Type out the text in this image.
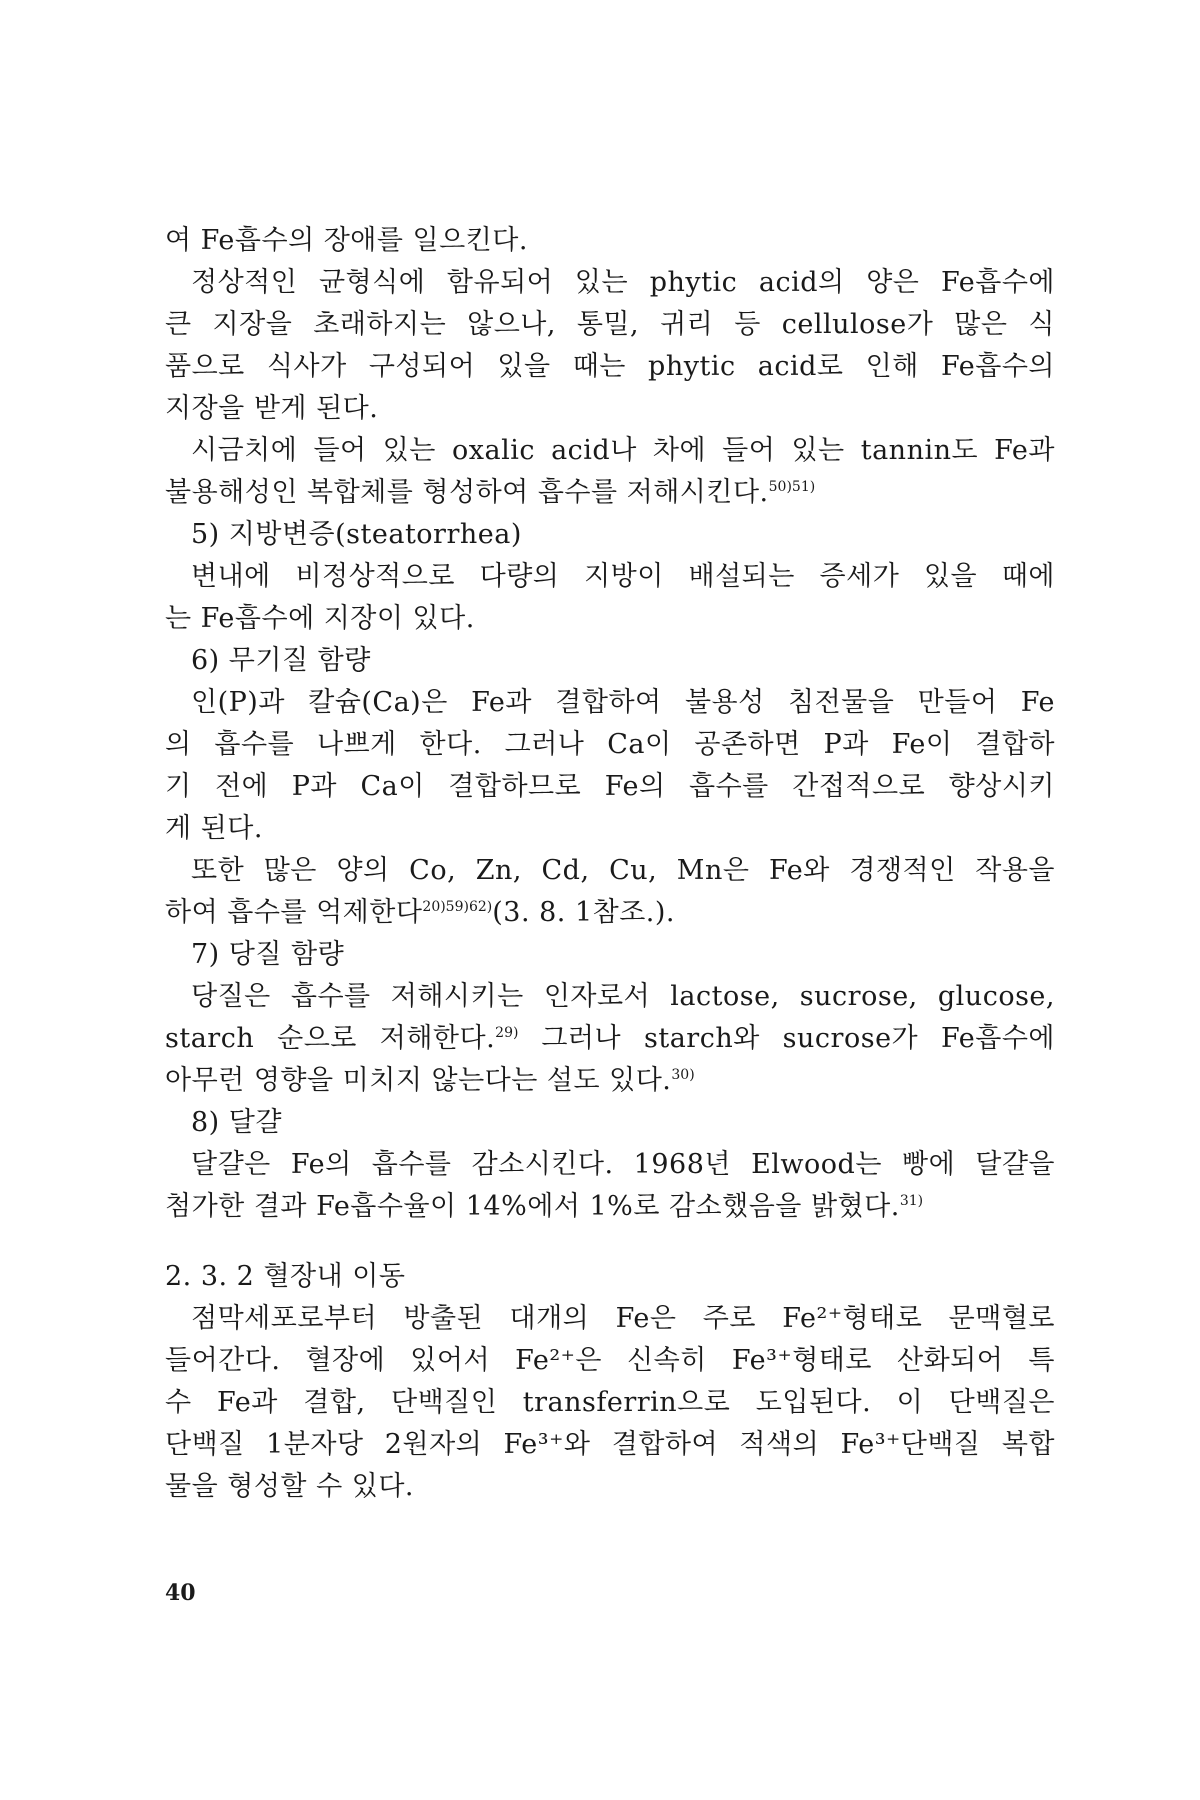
여 Fe흡수의 장애를 일으킨다.
정상적인 균형식에 함유되어 있는 phytic acid의 양은 Fe흡수에
큰 지장을 초래하지는 않으나, 통밀, 귀리 등 cellulose가 많은 식
품으로 식사가 구성되어 있을 때는 phytic acid로 인해 Fe흡수의
지장을 받게 된다.
시금치에 들어 있는 oxalic acid나 차에 들어 있는 tannin도 Fe과
불용해성인 복합체를 형성하여 흡수를 저해시킨다.$^{50)51)}$
5) 지방변증(steatorrhea)
변내에 비정상적으로 다량의 지방이 배설되는 증세가 있을 때에
는 Fe흡수에 지장이 있다.
6) 무기질 함량
인(P)과 칼슘(Ca)은 Fe과 결합하여 불용성 침전물을 만들어 Fe
의 흡수를 나쁘게 한다. 그러나 Ca이 공존하면 P과 Fe이 결합하
기 전에 P과 Ca이 결합하므로 Fe의 흡수를 간접적으로 향상시키
게 된다.
또한 많은 양의 Co, Zn, Cd, Cu, Mn은 Fe와 경쟁적인 작용을
하여 흡수를 억제한다$^{20)59)62)}$(3. 8. 1참조.).
7) 당질 함량
당질은 흡수를 저해시키는 인자로서 lactose, sucrose, glucose,
starch 순으로 저해한다.$^{29)}$ 그러나 starch와 sucrose가 Fe흡수에
아무런 영향을 미치지 않는다는 설도 있다.$^{30)}$
8) 달걀
달걀은 Fe의 흡수를 감소시킨다. 1968년 Elwood는 빵에 달걀을
첨가한 결과 Fe흡수율이 14%에서 1%로 감소했음을 밝혔다.$^{31)}$
2. 3. 2 혈장내 이동
점막세포로부터 방출된 대개의 Fe은 주로 Fe²⁺형태로 문맥혈로
들어간다. 혈장에 있어서 Fe²⁺은 신속히 Fe³⁺형태로 산화되어 특
수 Fe과 결합, 단백질인 transferrin으로 도입된다. 이 단백질은
단백질 1분자당 2원자의 Fe³⁺와 결합하여 적색의 Fe³⁺단백질 복합
물을 형성할 수 있다.
40
